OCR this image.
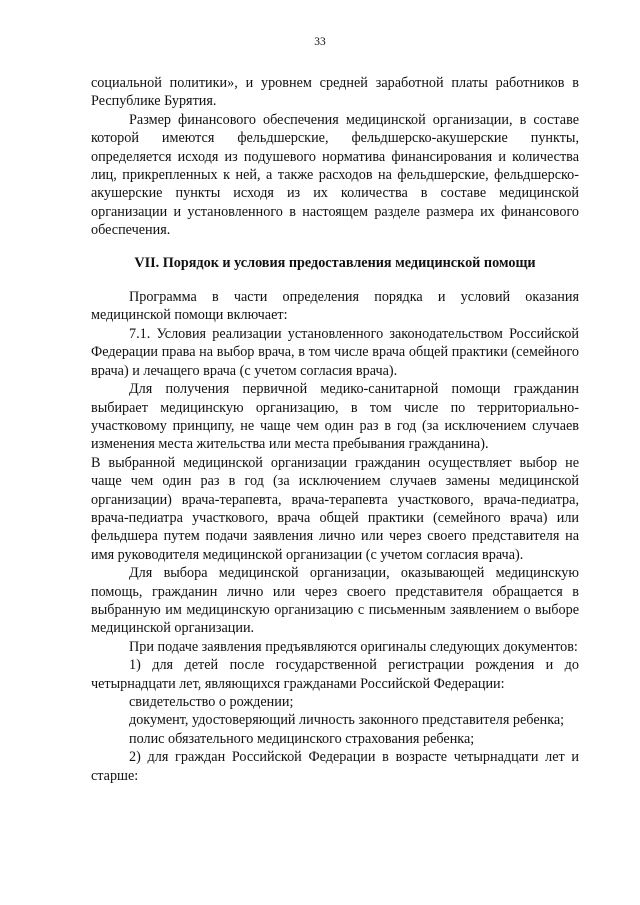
33

социальной политики», и уровнем средней заработной платы работников в Республике Бурятия.

Размер финансового обеспечения медицинской организации, в составе которой имеются фельдшерские, фельдшерско-акушерские пункты, определяется исходя из подушевого норматива финансирования и количества лиц, прикрепленных к ней, а также расходов на фельдшерские, фельдшерско-акушерские пункты исходя из их количества в составе медицинской организации и установленного в настоящем разделе размера их финансового обеспечения.

VII. Порядок и условия предоставления медицинской помощи

Программа в части определения порядка и условий оказания медицинской помощи включает:

7.1. Условия реализации установленного законодательством Российской Федерации права на выбор врача, в том числе врача общей практики (семейного врача) и лечащего врача (с учетом согласия врача).

Для получения первичной медико-санитарной помощи гражданин выбирает медицинскую организацию, в том числе по территориально-участковому принципу, не чаще чем один раз в год (за исключением случаев изменения места жительства или места пребывания гражданина).

В выбранной медицинской организации гражданин осуществляет выбор не чаще чем один раз в год (за исключением случаев замены медицинской организации) врача-терапевта, врача-терапевта участкового, врача-педиатра, врача-педиатра участкового, врача общей практики (семейного врача) или фельдшера путем подачи заявления лично или через своего представителя на имя руководителя медицинской организации (с учетом согласия врача).

Для выбора медицинской организации, оказывающей медицинскую помощь, гражданин лично или через своего представителя обращается в выбранную им медицинскую организацию с письменным заявлением о выборе медицинской организации.

При подаче заявления предъявляются оригиналы следующих документов:

1) для детей после государственной регистрации рождения и до четырнадцати лет, являющихся гражданами Российской Федерации:

свидетельство о рождении;

документ, удостоверяющий личность законного представителя ребенка;

полис обязательного медицинского страхования ребенка;

2) для граждан Российской Федерации в возрасте четырнадцати лет и старше:
